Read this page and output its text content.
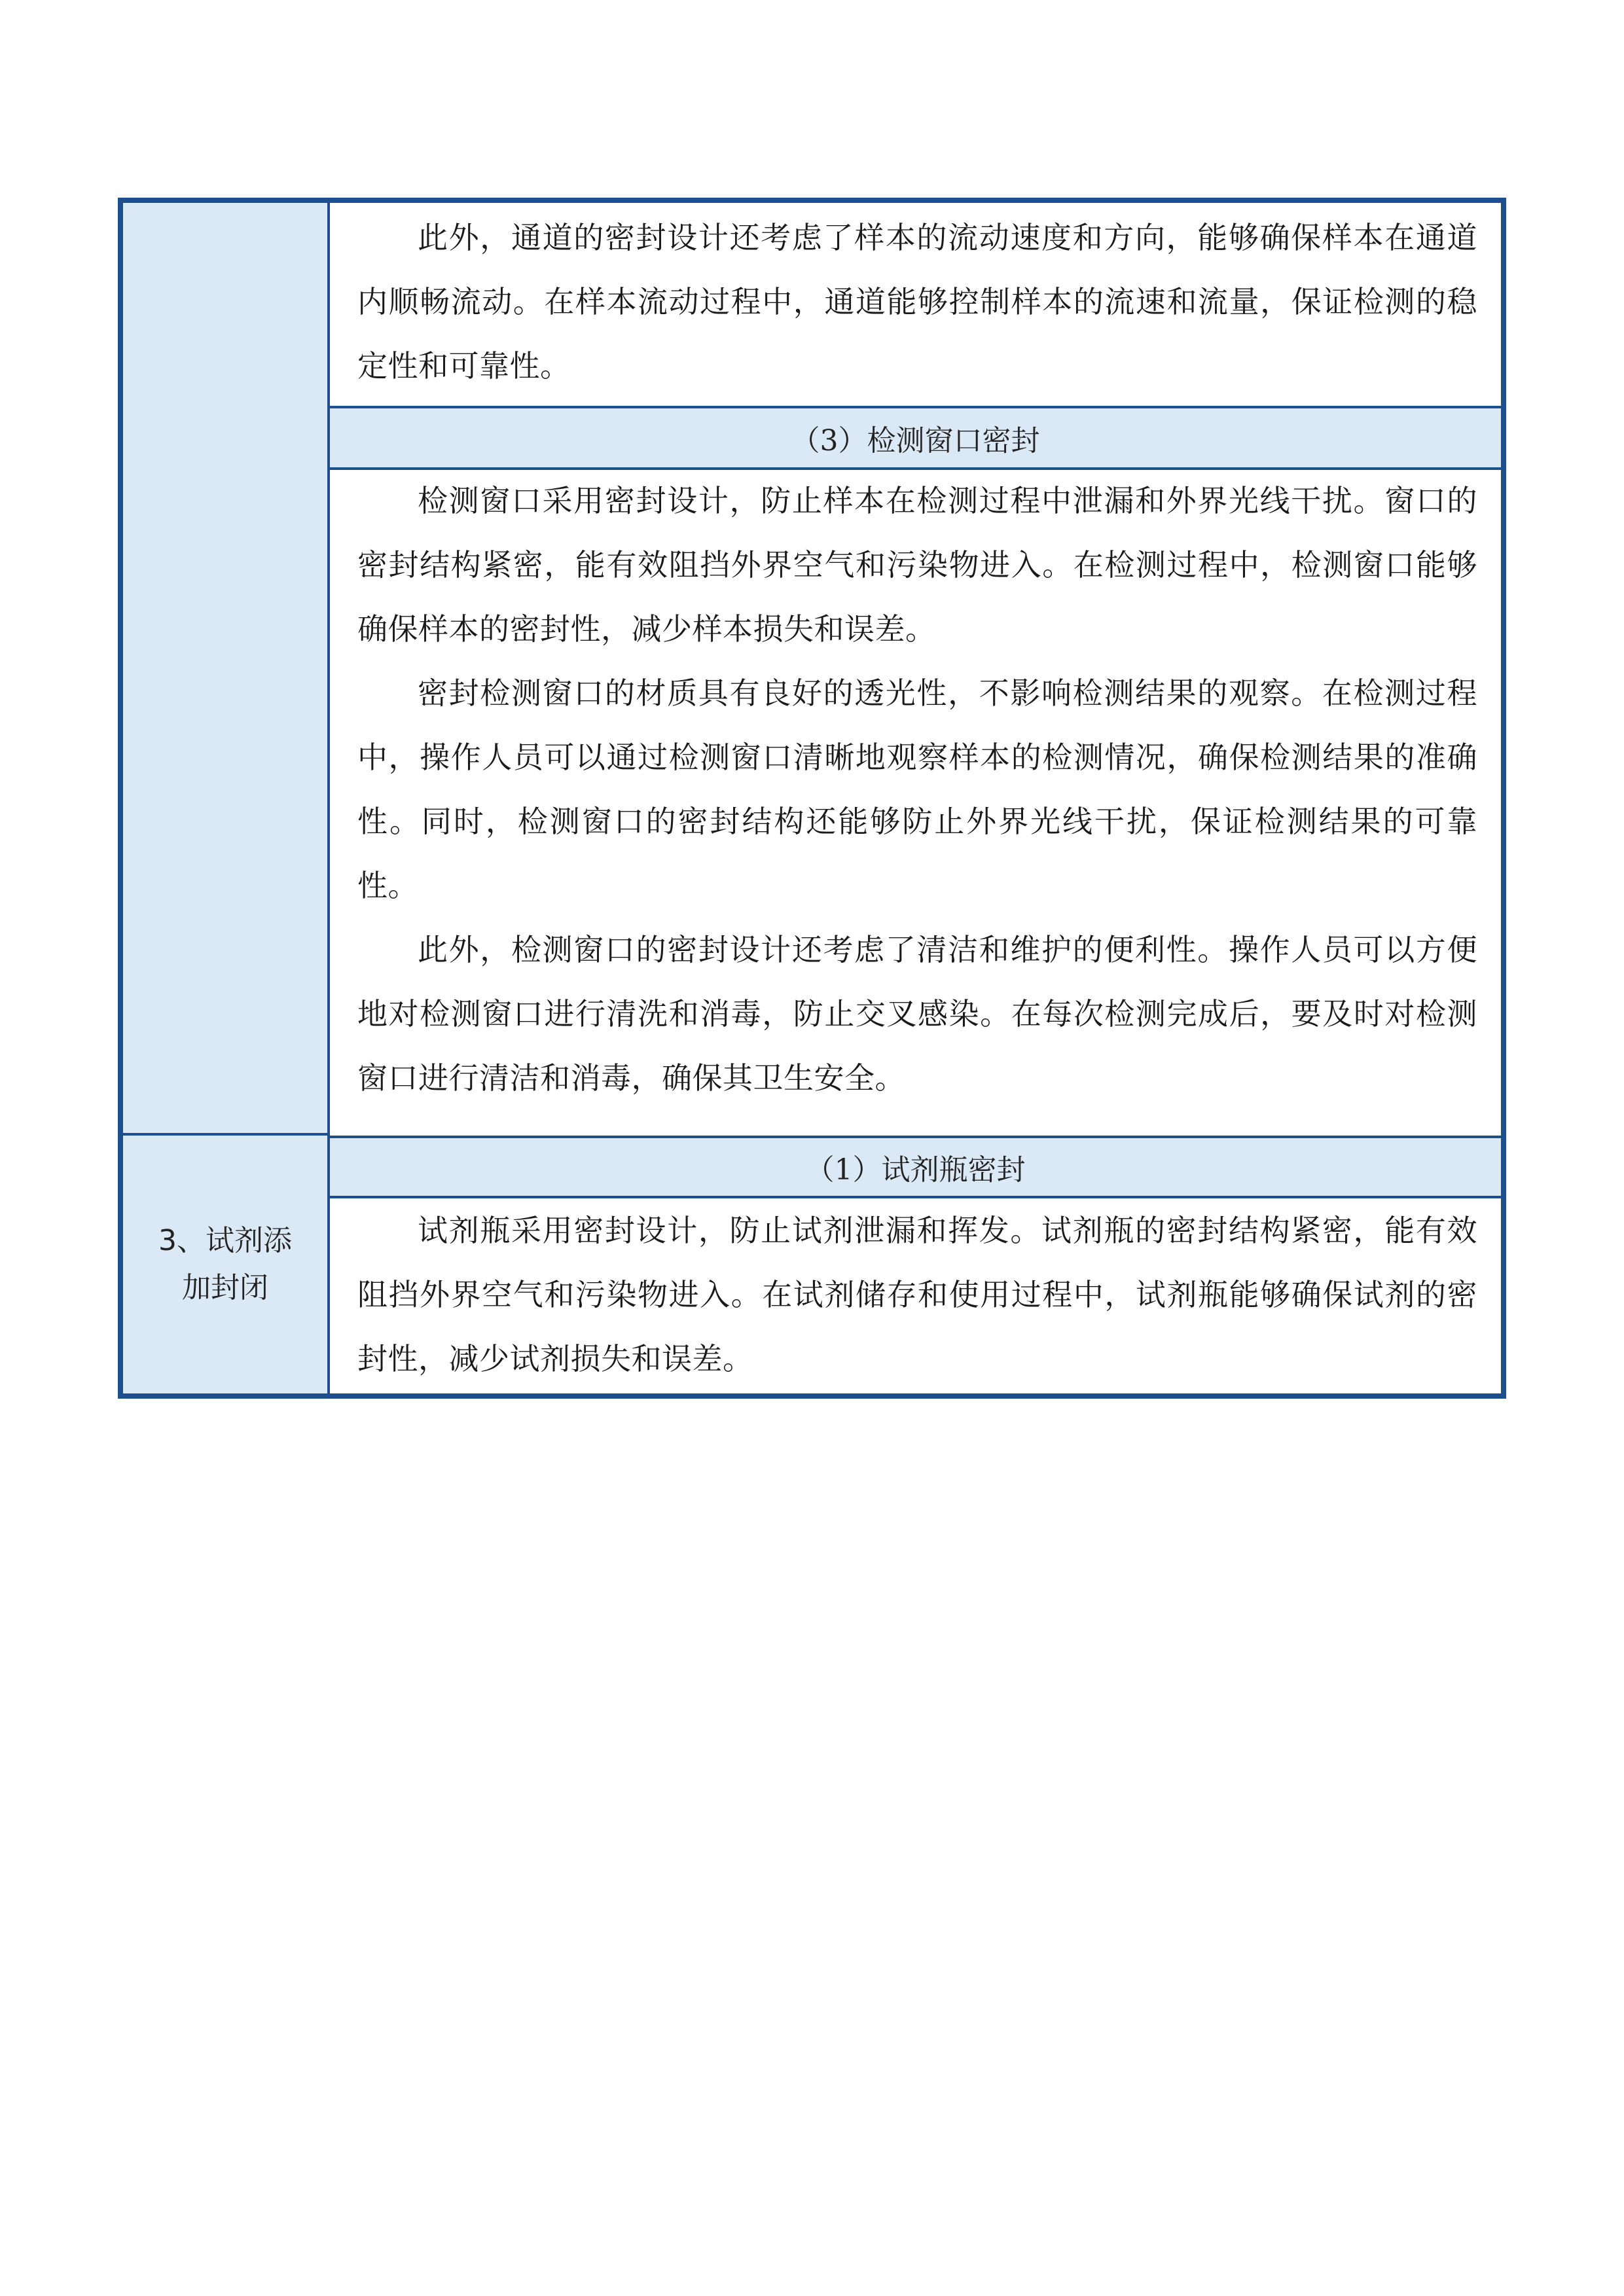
3、试剂添
加封闭

此外，通道的密封设计还考虑了样本的流动速度和方向，能够确保样本在通道内顺畅流动。在样本流动过程中，通道能够控制样本的流速和流量，保证检测的稳定性和可靠性。

（3）检测窗口密封

检测窗口采用密封设计，防止样本在检测过程中泄漏和外界光线干扰。窗口的密封结构紧密，能有效阻挡外界空气和污染物进入。在检测过程中，检测窗口能够确保样本的密封性，减少样本损失和误差。

密封检测窗口的材质具有良好的透光性，不影响检测结果的观察。在检测过程中，操作人员可以通过检测窗口清晰地观察样本的检测情况，确保检测结果的准确性。同时，检测窗口的密封结构还能够防止外界光线干扰，保证检测结果的可靠性。

此外，检测窗口的密封设计还考虑了清洁和维护的便利性。操作人员可以方便地对检测窗口进行清洗和消毒，防止交叉感染。在每次检测完成后，要及时对检测窗口进行清洁和消毒，确保其卫生安全。

（1）试剂瓶密封

试剂瓶采用密封设计，防止试剂泄漏和挥发。试剂瓶的密封结构紧密，能有效阻挡外界空气和污染物进入。在试剂储存和使用过程中，试剂瓶能够确保试剂的密封性，减少试剂损失和误差。
